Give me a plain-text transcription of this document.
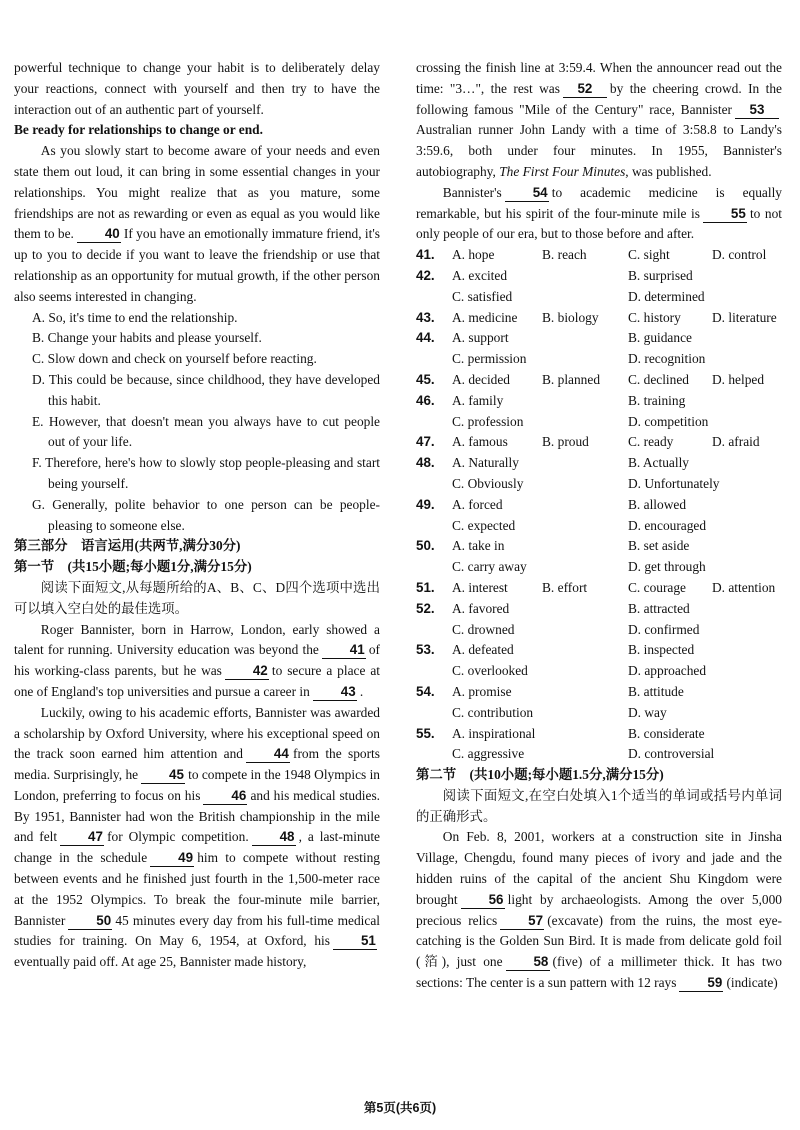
powerful technique to change your habit is to deliberately delay your reactions, connect with yourself and then try to have the interaction out of an authentic part of yourself.

Be ready for relationships to change or end.

As you slowly start to become aware of your needs and even state them out loud, it can bring in some essential changes in your relationships. You might realize that as you mature, some friendships are not as rewarding or even as equal as you would like them to be. 40 If you have an emotionally immature friend, it's up to you to decide if you want to leave the friendship or use that relationship as an opportunity for mutual growth, if the other person also seems interested in changing.

A. So, it's time to end the relationship.

B. Change your habits and please yourself.

C. Slow down and check on yourself before reacting.

D. This could be because, since childhood, they have developed this habit.

E. However, that doesn't mean you always have to cut people out of your life.

F. Therefore, here's how to slowly stop people-pleasing and start being yourself.

G. Generally, polite behavior to one person can be people-pleasing to someone else.

第三部分　语言运用(共两节,满分30分)

第一节　(共15小题;每小题1分,满分15分)

阅读下面短文,从每题所给的A、B、C、D四个选项中选出可以填入空白处的最佳选项。

Roger Bannister, born in Harrow, London, early showed a talent for running. University education was beyond the 41 of his working-class parents, but he was 42 to secure a place at one of England's top universities and pursue a career in 43 .

Luckily, owing to his academic efforts, Bannister was awarded a scholarship by Oxford University, where his exceptional speed on the track soon earned him attention and 44 from the sports media. Surprisingly, he 45 to compete in the 1948 Olympics in London, preferring to focus on his 46 and his medical studies. By 1951, Bannister had won the British championship in the mile and felt 47 for Olympic competition. 48 , a last-minute change in the schedule 49 him to compete without resting between events and he finished just fourth in the 1,500-meter race at the 1952 Olympics. To break the four-minute mile barrier, Bannister 50 45 minutes every day from his full-time medical studies for training. On May 6, 1954, at Oxford, his 51eventually paid off. At age 25, Bannister made history,

crossing the finish line at 3:59.4. When the announcer read out the time: "3…", the rest was 52 by the cheering crowd. In the following famous "Mile of the Century" race, Bannister 53Australian runner John Landy with a time of 3:58.8 to Landy's 3:59.6, both under four minutes. In 1955, Bannister's autobiography, The First Four Minutes, was published.

Bannister's 54 to academic medicine is equally remarkable, but his spirit of the four-minute mile is 55 to not only people of our era, but to those before and after.

41.	A. hope	B. reach	C. sight	D. control
42.	A. excited		B. surprised	
	C. satisfied		D. determined	
43.	A. medicine	B. biology	C. history	D. literature
44.	A. support		B. guidance	
	C. permission		D. recognition	
45.	A. decided	B. planned	C. declined	D. helped
46.	A. family		B. training	
	C. profession		D. competition	
47.	A. famous	B. proud	C. ready	D. afraid
48.	A. Naturally		B. Actually	
	C. Obviously		D. Unfortunately	
49.	A. forced		B. allowed	
	C. expected		D. encouraged	
50.	A. take in		B. set aside	
	C. carry away		D. get through	
51.	A. interest	B. effort	C. courage	D. attention
52.	A. favored		B. attracted	
	C. drowned		D. confirmed	
53.	A. defeated		B. inspected	
	C. overlooked		D. approached	
54.	A. promise		B. attitude	
	C. contribution		D. way	
55.	A. inspirational		B. considerate	
	C. aggressive		D. controversial	

第二节　(共10小题;每小题1.5分,满分15分)

阅读下面短文,在空白处填入1个适当的单词或括号内单词的正确形式。

On Feb. 8, 2001, workers at a construction site in Jinsha Village, Chengdu, found many pieces of ivory and jade and the hidden ruins of the capital of the ancient Shu Kingdom were brought 56 light by archaeologists. Among the over 5,000 precious relics 57 (excavate) from the ruins, the most eye-catching is the Golden Sun Bird. It is made from delicate gold foil (箔), just one 58 (five) of a millimeter thick. It has two sections: The center is a sun pattern with 12 rays 59 (indicate)

第5页(共6页)
